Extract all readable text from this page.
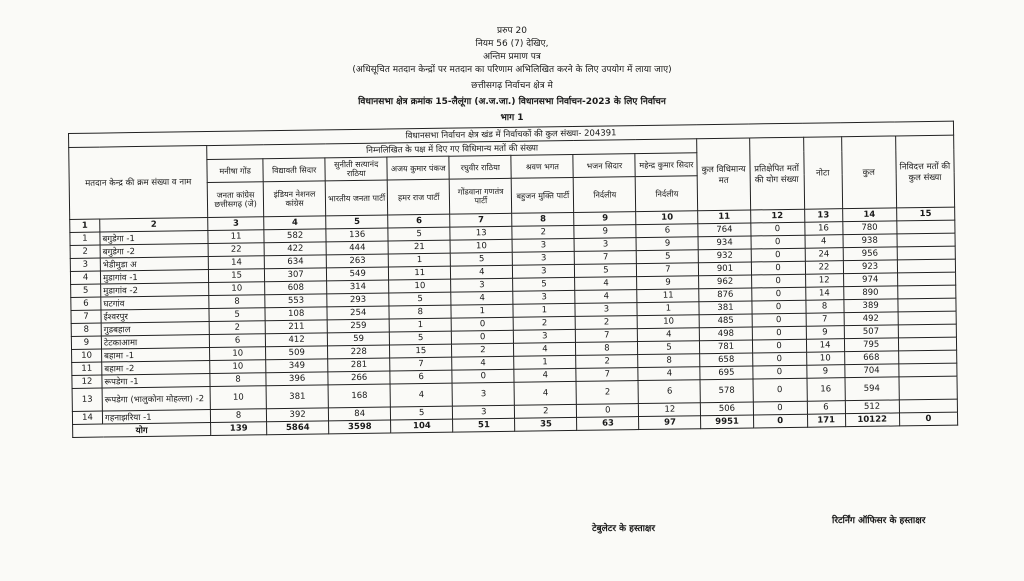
प्ररुप 20
नियम 56 (7) देखिए,
अन्तिम प्रमाण पत्र
(अधिसूचित मतदान केन्द्रों पर मतदान का परिणाम अभिलिखित करने के लिए उपयोग में लाया जाए)
छत्तीसगढ़ निर्वाचन क्षेत्र मे
विधानसभा क्षेत्र क्रमांक 15-लैलूंगा (अ.ज.जा.) विधानसभा निर्वाचन-2023 के लिए निर्वाचन
भाग 1
विधानसभा निर्वाचन क्षेत्र खंड में निर्वाचकों की कुल संख्या- 204391														
मतदान केन्द्र की क्रम संख्या व नाम		निम्नलिखित के पक्ष में दिए गए विधिमान्य मतों की संख्या								कुल विधिमान्य मत	प्रतिक्षेपित मतों की योग संख्या	नोटा	कुल	निविदत्त मतों की कुल संख्या
		मनीषा गोंड	विद्यावती सिदार	सुनीती सत्यानंद राठिया	अजय कुमार पंकज	रघुवीर राठिया	श्रवण भगत	भजन सिदार	महेन्द्र कुमार सिदार					
		जनता कांग्रेस छत्तीसगढ़ (जे)	इंडियन नेशनल कांग्रेस	भारतीय जनता पार्टी	हमर राज पार्टी	गोंडवाना गणतंत्र पार्टी	बहुजन मुक्ति पार्टी	निर्दलीय	निर्दलीय					
1	2	3	4	5	6	7	8	9	10	11	12	13	14	15
1	बगुडेगा -1	11	582	136	5	13	2	9	6	764	0	16	780	
2	बगुडेगा -2	22	422	444	21	10	3	3	9	934	0	4	938	
3	भेडीमुडा अ	14	634	263	1	5	3	7	5	932	0	24	956	
4	मुडागांव -1	15	307	549	11	4	3	5	7	901	0	22	923	
5	मुडागांव -2	10	608	314	10	3	5	4	9	962	0	12	974	
6	घटगांव	8	553	293	5	4	3	4	11	876	0	14	890	
7	ईश्वरपुर	5	108	254	8	1	1	3	1	381	0	8	389	
8	गुडबहाल	2	211	259	1	0	2	2	10	485	0	7	492	
9	टेटकाआमा	6	412	59	5	0	3	7	4	498	0	9	507	
10	बहामा -1	10	509	228	15	2	4	8	5	781	0	14	795	
11	बहामा -2	10	349	281	7	4	1	2	8	658	0	10	668	
12	रूपडेगा -1	8	396	266	6	0	4	7	4	695	0	9	704	
13	रूपडेगा (भालुकोना मोहल्ला) -2	10	381	168	4	3	4	2	6	578	0	16	594	
14	गहनाझरिया -1	8	392	84	5	3	2	0	12	506	0	6	512	
योग		139	5864	3598	104	51	35	63	97	9951	0	171	10122	0
टेबुलेटर के हस्ताक्षर
रिटर्निंग ऑफिसर के हस्ताक्षर
